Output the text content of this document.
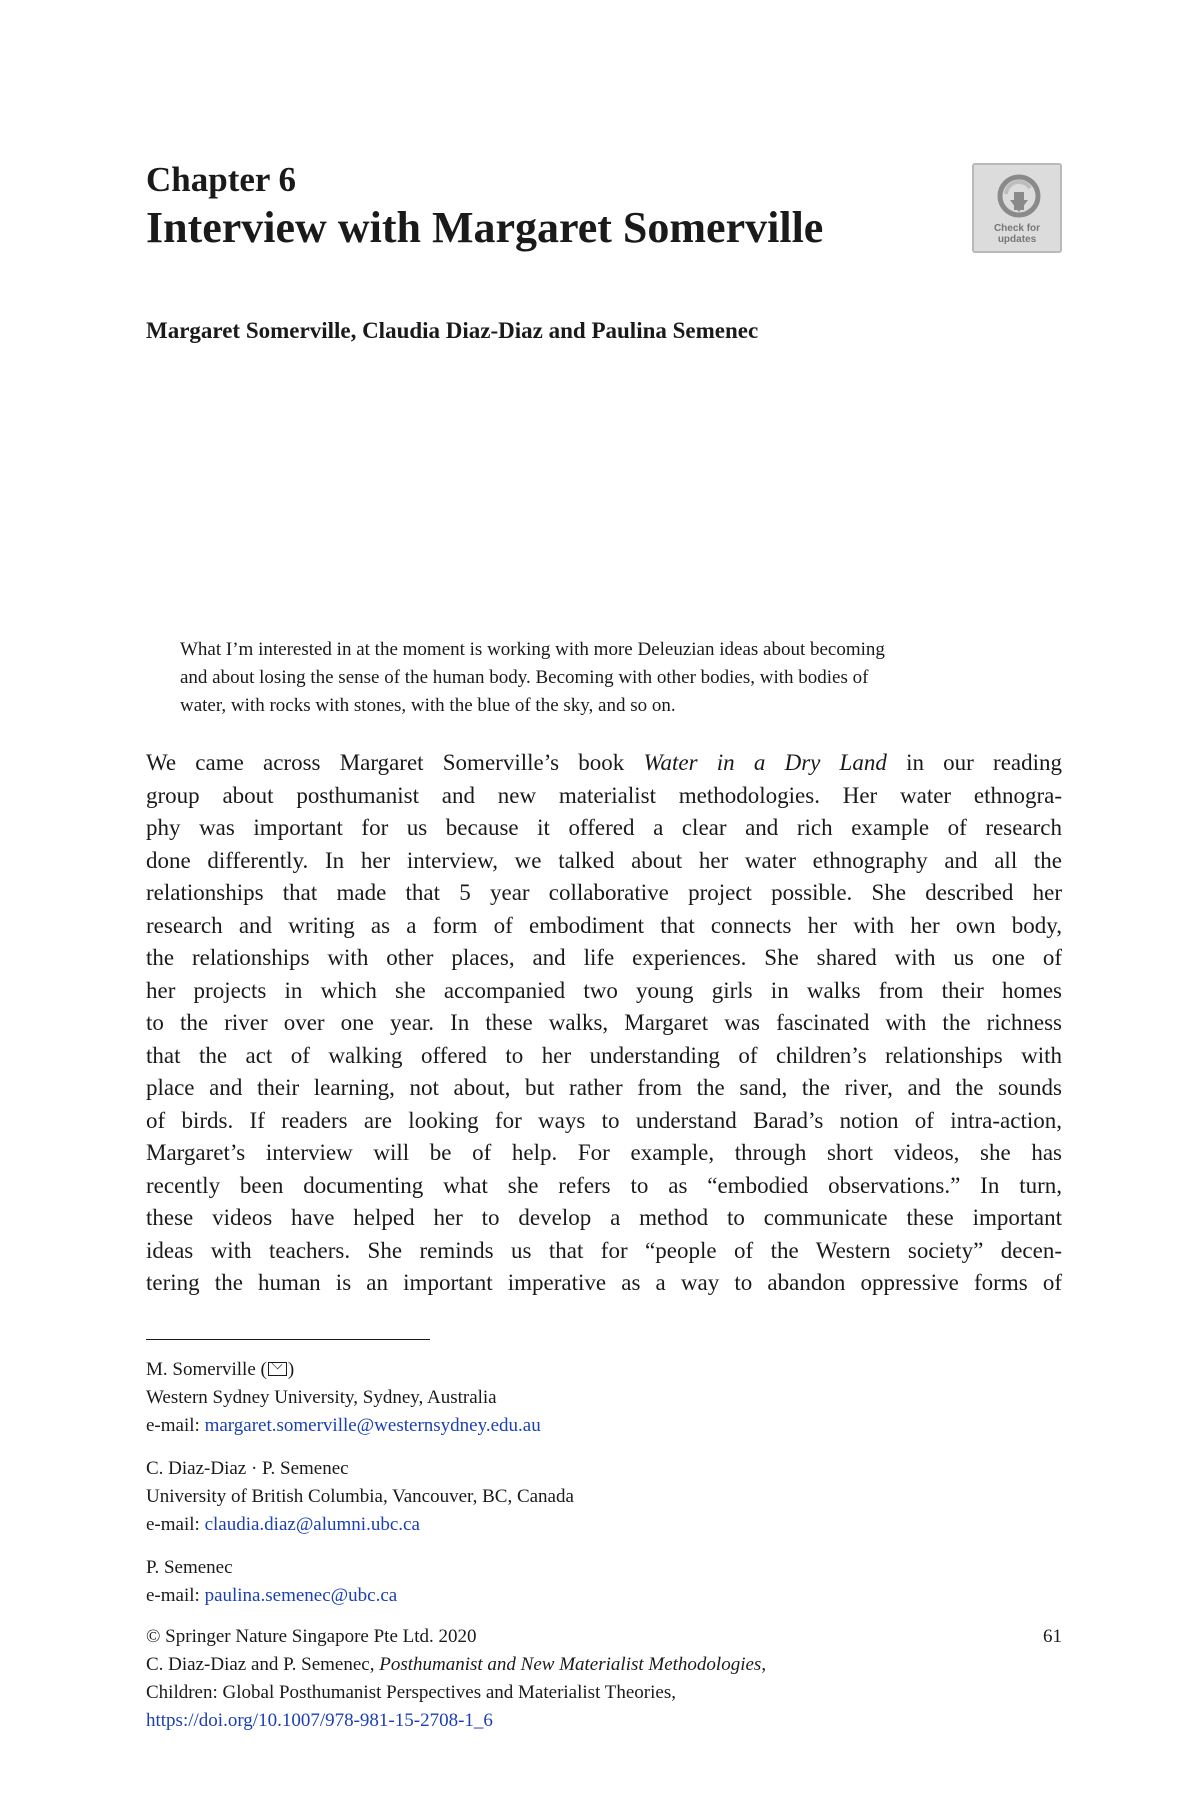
Chapter 6
Interview with Margaret Somerville	Check for
updates
Margaret Somerville, Claudia Diaz-Diaz and Paulina Semenec
What I’m interested in at the moment is working with more Deleuzian ideas about becoming
and about losing the sense of the human body. Becoming with other bodies, with bodies of
water, with rocks with stones, with the blue of the sky, and so on.
We came across Margaret Somerville’s book Water in a Dry Land in our reading
group about posthumanist and new materialist methodologies. Her water ethnogra-
phy was important for us because it offered a clear and rich example of research
done differently. In her interview, we talked about her water ethnography and all the
relationships that made that 5 year collaborative project possible. She described her
research and writing as a form of embodiment that connects her with her own body,
the relationships with other places, and life experiences. She shared with us one of
her projects in which she accompanied two young girls in walks from their homes
to the river over one year. In these walks, Margaret was fascinated with the richness
that the act of walking offered to her understanding of children’s relationships with
place and their learning, not about, but rather from the sand, the river, and the sounds
of birds. If readers are looking for ways to understand Barad’s notion of intra-action,
Margaret’s interview will be of help. For example, through short videos, she has
recently been documenting what she refers to as “embodied observations.” In turn,
these videos have helped her to develop a method to communicate these important
ideas with teachers. She reminds us that for “people of the Western society” decen-
tering the human is an important imperative as a way to abandon oppressive forms of
M. Somerville ( )
Western Sydney University, Sydney, Australia
e-mail: margaret.somerville@westernsydney.edu.au
C. Diaz-Diaz · P. Semenec
University of British Columbia, Vancouver, BC, Canada
e-mail: claudia.diaz@alumni.ubc.ca
P. Semenec
e-mail: paulina.semenec@ubc.ca
© Springer Nature Singapore Pte Ltd. 2020
C. Diaz-Diaz and P. Semenec, Posthumanist and New Materialist Methodologies,
Children: Global Posthumanist Perspectives and Materialist Theories,
https://doi.org/10.1007/978-981-15-2708-1_6
61
